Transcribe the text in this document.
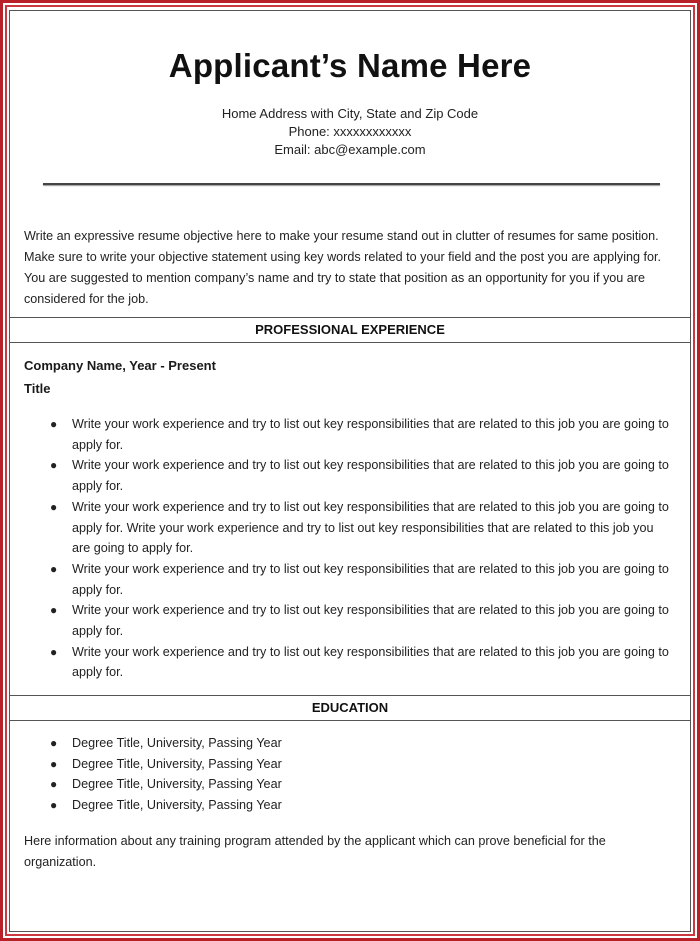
Applicant’s Name Here
Home Address with City, State and Zip Code
Phone: xxxxxxxxxxxx
Email: abc@example.com
Write an expressive resume objective here to make your resume stand out in clutter of resumes for same position. Make sure to write your objective statement using key words related to your field and the post you are applying for. You are suggested to mention company’s name and try to state that position as an opportunity for you if you are considered for the job.
PROFESSIONAL EXPERIENCE
Company Name, Year - Present
Title
● Write your work experience and try to list out key responsibilities that are related to this job you are going to apply for.
● Write your work experience and try to list out key responsibilities that are related to this job you are going to apply for.
● Write your work experience and try to list out key responsibilities that are related to this job you are going to apply for. Write your work experience and try to list out key responsibilities that are related to this job you are going to apply for.
● Write your work experience and try to list out key responsibilities that are related to this job you are going to apply for.
● Write your work experience and try to list out key responsibilities that are related to this job you are going to apply for.
● Write your work experience and try to list out key responsibilities that are related to this job you are going to apply for.
EDUCATION
● Degree Title, University, Passing Year
● Degree Title, University, Passing Year
● Degree Title, University, Passing Year
● Degree Title, University, Passing Year
Here information about any training program attended by the applicant which can prove beneficial for the organization.
